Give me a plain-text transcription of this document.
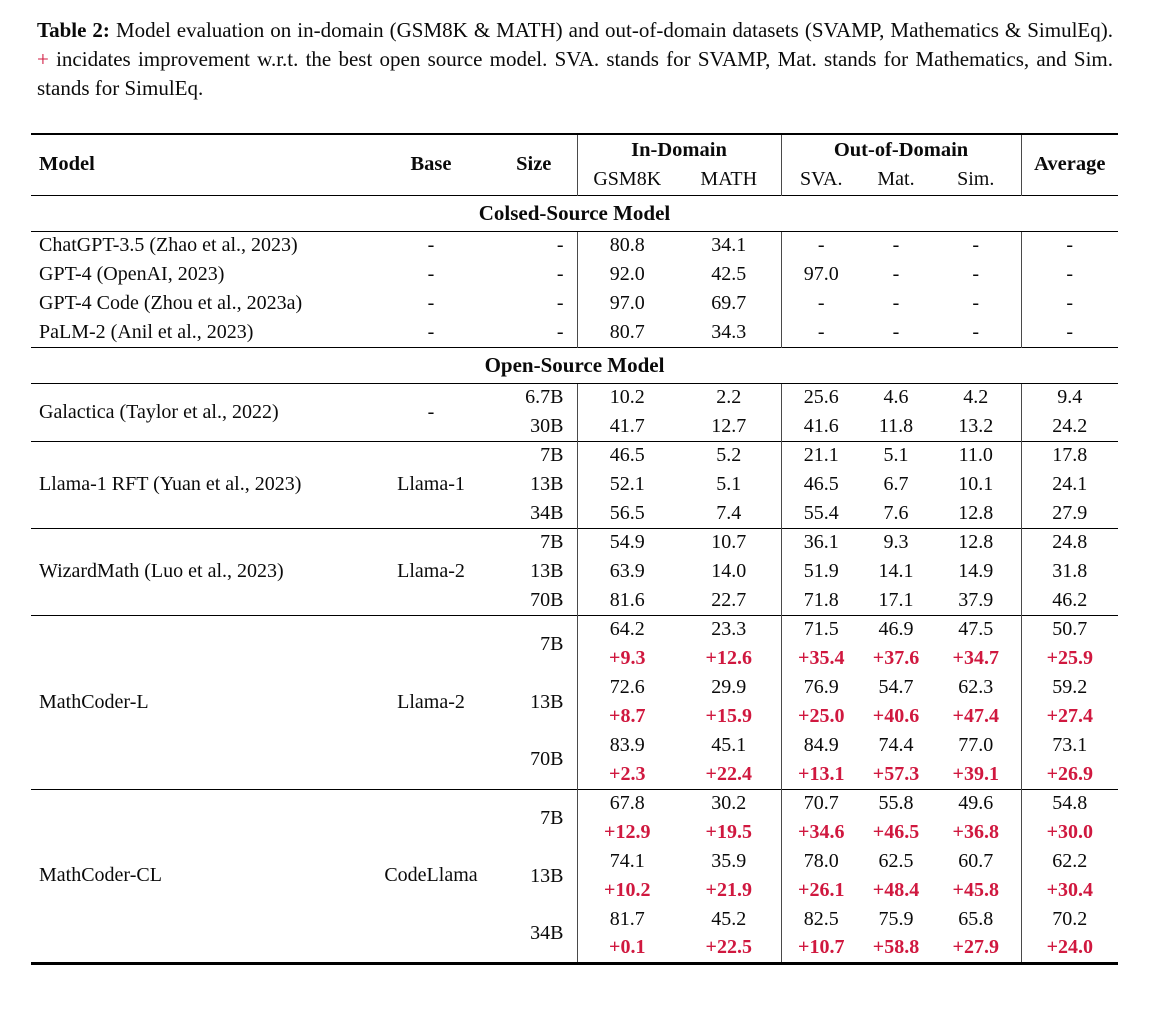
Table 2: Model evaluation on in-domain (GSM8K & MATH) and out-of-domain datasets (SVAMP, Mathematics & SimulEq). + incidates improvement w.r.t. the best open source model. SVA. stands for SVAMP, Mat. stands for Mathematics, and Sim. stands for SimulEq.

Model	Base	Size	In-Domain		Out-of-Domain			Average
			GSM8K	MATH	SVA.	Mat.	Sim.	
Colsed-Source Model								
ChatGPT-3.5 (Zhao et al., 2023)	-	-	80.8	34.1	-	-	-	-
GPT-4 (OpenAI, 2023)	-	-	92.0	42.5	97.0	-	-	-
GPT-4 Code (Zhou et al., 2023a)	-	-	97.0	69.7	-	-	-	-
PaLM-2 (Anil et al., 2023)	-	-	80.7	34.3	-	-	-	-
Open-Source Model								
Galactica (Taylor et al., 2022)	-	6.7B	10.2	2.2	25.6	4.6	4.2	9.4
		30B	41.7	12.7	41.6	11.8	13.2	24.2
Llama-1 RFT (Yuan et al., 2023)	Llama-1	7B	46.5	5.2	21.1	5.1	11.0	17.8
		13B	52.1	5.1	46.5	6.7	10.1	24.1
		34B	56.5	7.4	55.4	7.6	12.8	27.9
WizardMath (Luo et al., 2023)	Llama-2	7B	54.9	10.7	36.1	9.3	12.8	24.8
		13B	63.9	14.0	51.9	14.1	14.9	31.8
		70B	81.6	22.7	71.8	17.1	37.9	46.2
MathCoder-L	Llama-2	7B	64.2	23.3	71.5	46.9	47.5	50.7
			+9.3	+12.6	+35.4	+37.6	+34.7	+25.9
		13B	72.6	29.9	76.9	54.7	62.3	59.2
			+8.7	+15.9	+25.0	+40.6	+47.4	+27.4
		70B	83.9	45.1	84.9	74.4	77.0	73.1
			+2.3	+22.4	+13.1	+57.3	+39.1	+26.9
MathCoder-CL	CodeLlama	7B	67.8	30.2	70.7	55.8	49.6	54.8
			+12.9	+19.5	+34.6	+46.5	+36.8	+30.0
		13B	74.1	35.9	78.0	62.5	60.7	62.2
			+10.2	+21.9	+26.1	+48.4	+45.8	+30.4
		34B	81.7	45.2	82.5	75.9	65.8	70.2
			+0.1	+22.5	+10.7	+58.8	+27.9	+24.0
